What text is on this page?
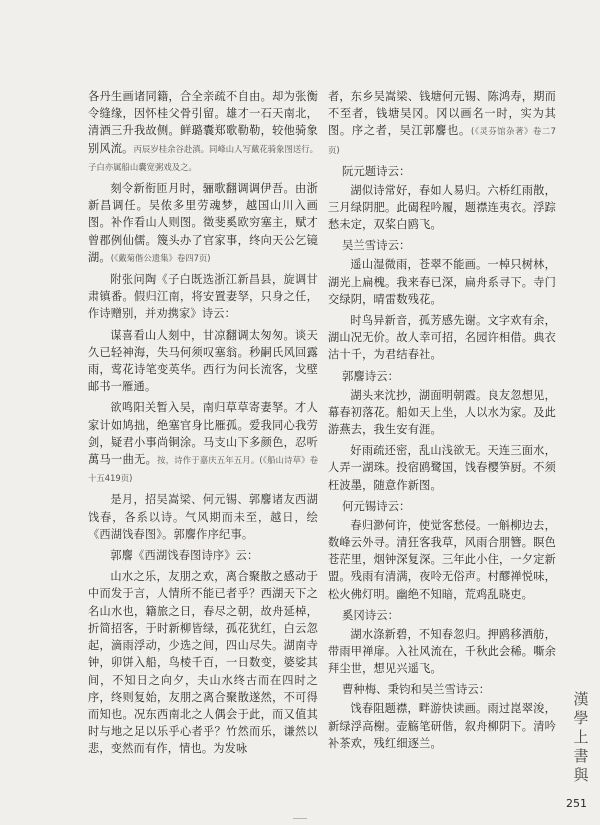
各丹生画诸同籍，合全亲疏不自由。却为张衡令缝缘，因怀桂父骨引留。雄才一石天南北，清酒三升我故侧。鲜璐囊郑歌勒勒，较他骑象别风流。丙辰岁桂余谷赴滇。同峰山人写戴花骑象图送行。子白亦属船山囊宽粥戏及之。

刻令新衔匝月时，骊歌翻调调伊吾。由浙新昌调任。吴侬多里劳魂梦，越国山川入画图。补作看山人则图。徵斐奚欧穷塞主，赋才曾郡例仙儒。篾头办了官家事，终向天公乞镜湖。(《戴菊偕公遗集》卷四7页)

附张问陶《子白既选浙江新昌县，旋调甘肃镇番。假归江南，将安置妻孥，只身之任，作诗赠别，并劝携家》诗云：

谋喜看山人刻中，甘凉翻调太匆匆。谈天久已轻神海，失马何须叹塞翁。秒嗣氏风回露雨，莺花诗笔变英华。西行为问长流客，戈壁邮书一雁通。

欲鸣阳关暂入吴，南归草草寄妻孥。才人家计如鸠拙，绝塞官身比雁孤。爱我同心我劳剑，疑君小事尚铜涂。马支山下多颜色，忍听萬马一曲无。按，诗作于嘉庆五年五月。(《船山诗草》卷十五419页)

是月，招吴嵩梁、何元锡、郭麐诸友西湖饯春，各系以诗。气风期而未至，越日，绘《西湖饯春图》。郭麐作序纪事。

郭麐《西湖饯春图诗序》云：

山水之乐，友朋之欢，离合聚散之感动于中而发于言，人情所不能已者乎？西湖天下之名山水也，籍旅之日，春尽之朝，故舟延棹，折简招客，于时新柳皆绿，孤花犹红，白云忽起，滴雨浮动，少选之间，四山尽失。湖南寺钟，卯饼入船，鸟棱千百，一日数变，婆娑其间，不知日之向夕，夫山水终古而在四时之序，终则复始，友朋之离合聚散遂然，不可得而知也。况东西南北之人偶会于此，而又值其时与地之足以乐乎心者乎？竹然而乐，谦然以悲，变然而有作，情也。为发咏

者，东乡吴嵩梁、钱塘何元锡、陈鸿寿，期而不至者，钱塘吴冈。冈以画名一时，实为其图。序之者，吴江郭麐也。(《灵芬馆杂著》卷二7页)

阮元题诗云：

湖似诗常好，春如人易归。六桥红雨散，三月绿阴肥。此碣程吟履，题襟连夷衣。浮踪愁未定，双桨白鸥飞。

吴兰雪诗云：

遥山湿微雨，苍翠不能画。一棹只树林，湖光上扁槐。我来春已深，扁舟系寻下。寺门交绿阴，晴雷数残花。

时鸟异新音，孤芳感先谢。文字欢有余，湖山况无价。故人幸可招，名园许相借。典衣沽十千，为君结春社。

郭麐诗云：

湖头来沈抄，湖面明朝霞。良友忽想见，幕春初落花。船如天上坐，人以水为家。及此游燕去，我生安有涯。

好雨疏还密，乱山浅欲无。天连三面水，人弄一湖珠。投宿鸥鹭国，饯春樱笋厨。不须枉波墨，随意作新图。

何元锡诗云：

春归渺何许，使觉客愁侵。一斛柳边去，数峰云外寻。清狂客我草，风雨合朋簪。瞑色苍茫里，烟钟深复深。三年此小住，一夕定新盟。残雨有清满，夜呤无俗声。村醪禅悦味，松火佛灯明。幽绝不知暗，荒鸡乱晓吏。

奚冈诗云：

湖水涤新碧，不知春忽归。押鸥移酒舫，带雨甲禅扉。入社风流在，千秋此会稀。嘶余拜尘世，想见兴遥飞。

曹种梅、秉钧和吴兰雪诗云：

饯春阻题襟，畔游快读画。雨过崑翠浚，新绿浮高榭。壶觞笔研偕，叙舟柳阴下。清吟补茶欢，残红细逐兰。

漢
學
上
書
與
251
